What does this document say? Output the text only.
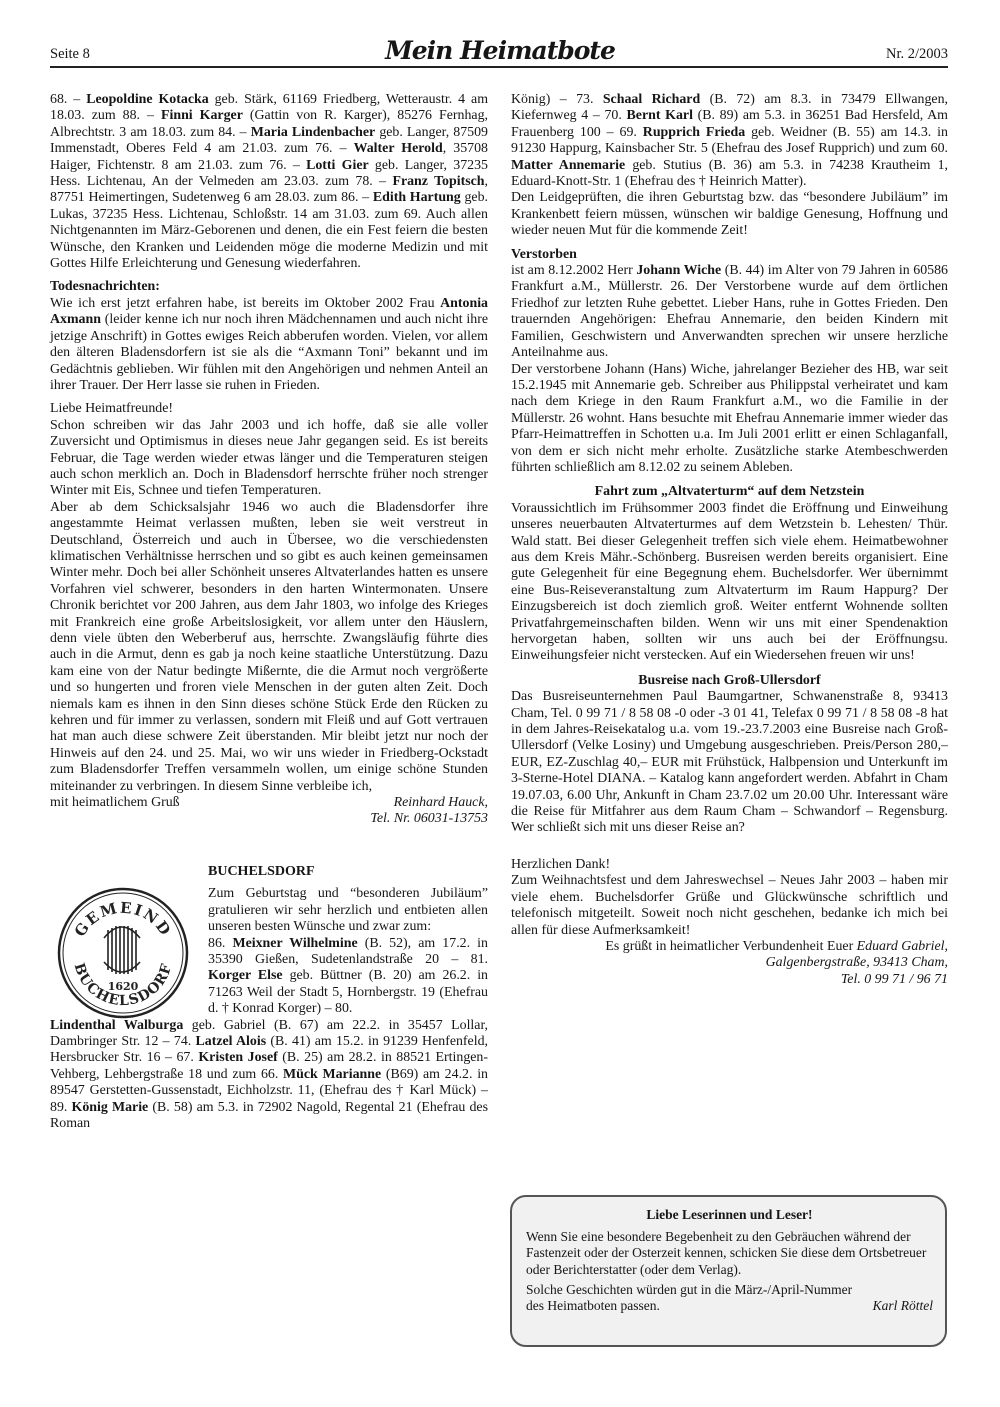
Seite 8	Mein Heimatbote	Nr. 2/2003

68. – Leopoldine Kotacka geb. Stärk, 61169 Friedberg, Wetteraustr. 4 am 18.03. zum 88. – Finni Karger (Gattin von R. Karger), 85276 Fernhag, Albrechtstr. 3 am 18.03. zum 84. – Maria Lindenbacher geb. Langer, 87509 Immenstadt, Oberes Feld 4 am 21.03. zum 76. – Walter Herold, 35708 Haiger, Fichtenstr. 8 am 21.03. zum 76. – Lotti Gier geb. Langer, 37235 Hess. Lichtenau, An der Velmeden am 23.03. zum 78. – Franz Topitsch, 87751 Heimertingen, Sudetenweg 6 am 28.03. zum 86. – Edith Hartung geb. Lukas, 37235 Hess. Lichtenau, Schloßstr. 14 am 31.03. zum 69. Auch allen Nichtgenannten im März-Geborenen und denen, die ein Fest feiern die besten Wünsche, den Kranken und Leidenden möge die moderne Medizin und mit Gottes Hilfe Erleichterung und Genesung wiederfahren.

Todesnachrichten:

Wie ich erst jetzt erfahren habe, ist bereits im Oktober 2002 Frau Antonia Axmann (leider kenne ich nur noch ihren Mädchennamen und auch nicht ihre jetzige Anschrift) in Gottes ewiges Reich abberufen worden. Vielen, vor allem den älteren Bladensdorfern ist sie als die “Axmann Toni” bekannt und im Gedächtnis geblieben. Wir fühlen mit den Angehörigen und nehmen Anteil an ihrer Trauer. Der Herr lasse sie ruhen in Frieden.

Liebe Heimatfreunde!

Schon schreiben wir das Jahr 2003 und ich hoffe, daß sie alle voller Zuversicht und Optimismus in dieses neue Jahr gegangen seid. Es ist bereits Februar, die Tage werden wieder etwas länger und die Temperaturen steigen auch schon merklich an. Doch in Bladensdorf herrschte früher noch strenger Winter mit Eis, Schnee und tiefen Temperaturen.

Aber ab dem Schicksalsjahr 1946 wo auch die Bladensdorfer ihre angestammte Heimat verlassen mußten, leben sie weit verstreut in Deutschland, Österreich und auch in Übersee, wo die verschiedensten klimatischen Verhältnisse herrschen und so gibt es auch keinen gemeinsamen Winter mehr. Doch bei aller Schönheit unseres Altvaterlandes hatten es unsere Vorfahren viel schwerer, besonders in den harten Wintermonaten. Unsere Chronik berichtet vor 200 Jahren, aus dem Jahr 1803, wo infolge des Krieges mit Frankreich eine große Arbeitslosigkeit, vor allem unter den Häuslern, denn viele übten den Weberberuf aus, herrschte. Zwangsläufig führte dies auch in die Armut, denn es gab ja noch keine staatliche Unterstützung. Dazu kam eine von der Natur bedingte Mißernte, die die Armut noch vergrößerte und so hungerten und froren viele Menschen in der guten alten Zeit. Doch niemals kam es ihnen in den Sinn dieses schöne Stück Erde den Rücken zu kehren und für immer zu verlassen, sondern mit Fleiß und auf Gott vertrauen hat man auch diese schwere Zeit überstanden. Mir bleibt jetzt nur noch der Hinweis auf den 24. und 25. Mai, wo wir uns wieder in Friedberg-Ockstadt zum Bladensdorfer Treffen versammeln wollen, um einige schöne Stunden miteinander zu verbringen. In diesem Sinne verbleibe ich,

mit heimatlichem Gruß	Reinhard Hauck,

Tel. Nr. 06031-13753

GEMEIND
BUCHELSDORF
1620

BUCHELSDORF

Zum Geburtstag und “besonderen Jubiläum” gratulieren wir sehr herzlich und entbieten allen unseren besten Wünsche und zwar zum:

86. Meixner Wilhelmine (B. 52), am 17.2. in 35390 Gießen, Sudetenlandstraße 20 – 81. Korger Else geb. Büttner (B. 20) am 26.2. in 71263 Weil der Stadt 5, Hornbergstr. 19 (Ehefrau d. † Konrad Korger) – 80.

Lindenthal Walburga geb. Gabriel (B. 67) am 22.2. in 35457 Lollar, Dambringer Str. 12 – 74. Latzel Alois (B. 41) am 15.2. in 91239 Henfenfeld, Hersbrucker Str. 16 – 67. Kristen Josef (B. 25) am 28.2. in 88521 Ertingen- Vehberg, Lehbergstraße 18 und zum 66. Mück Marianne (B69) am 24.2. in 89547 Gerstetten-Gussenstadt, Eichholzstr. 11, (Ehefrau des † Karl Mück) – 89. König Marie (B. 58) am 5.3. in 72902 Nagold, Regental 21 (Ehefrau des Roman

König) – 73. Schaal Richard (B. 72) am 8.3. in 73479 Ellwangen, Kiefernweg 4 – 70. Bernt Karl (B. 89) am 5.3. in 36251 Bad Hersfeld, Am Frauenberg 100 – 69. Rupprich Frieda geb. Weidner (B. 55) am 14.3. in 91230 Happurg, Kainsbacher Str. 5 (Ehefrau des Josef Rupprich) und zum 60. Matter Annemarie geb. Stutius (B. 36) am 5.3. in 74238 Krautheim 1, Eduard-Knott-Str. 1 (Ehefrau des † Heinrich Matter).

Den Leidgeprüften, die ihren Geburtstag bzw. das “besondere Jubiläum” im Krankenbett feiern müssen, wünschen wir baldige Genesung, Hoffnung und wieder neuen Mut für die kommende Zeit!

Verstorben

ist am 8.12.2002 Herr Johann Wiche (B. 44) im Alter von 79 Jahren in 60586 Frankfurt a.M., Müllerstr. 26. Der Verstorbene wurde auf dem örtlichen Friedhof zur letzten Ruhe gebettet. Lieber Hans, ruhe in Gottes Frieden. Den trauernden Angehörigen: Ehefrau Annemarie, den beiden Kindern mit Familien, Geschwistern und Anverwandten sprechen wir unsere herzliche Anteilnahme aus.

Der verstorbene Johann (Hans) Wiche, jahrelanger Bezieher des HB, war seit 15.2.1945 mit Annemarie geb. Schreiber aus Philippstal verheiratet und kam nach dem Kriege in den Raum Frankfurt a.M., wo die Familie in der Müllerstr. 26 wohnt. Hans besuchte mit Ehefrau Annemarie immer wieder das Pfarr-Heimattreffen in Schotten u.a. Im Juli 2001 erlitt er einen Schlaganfall, von dem er sich nicht mehr erholte. Zusätzliche starke Atembeschwerden führten schließlich am 8.12.02 zu seinem Ableben.

Fahrt zum „Altvaterturm“ auf dem Netzstein

Voraussichtlich im Frühsommer 2003 findet die Eröffnung und Einweihung unseres neuerbauten Altvaterturmes auf dem Wetzstein b. Lehesten/ Thür. Wald statt. Bei dieser Gelegenheit treffen sich viele ehem. Heimatbewohner aus dem Kreis Mähr.-Schönberg. Busreisen werden bereits organisiert. Eine gute Gelegenheit für eine Begegnung ehem. Buchelsdorfer. Wer übernimmt eine Bus-Reiseveranstaltung zum Altvaterturm im Raum Happurg? Der Einzugsbereich ist doch ziemlich groß. Weiter entfernt Wohnende sollten Privatfahrgemeinschaften bilden. Wenn wir uns mit einer Spendenaktion hervorgetan haben, sollten wir uns auch bei der Eröffnungsu. Einweihungsfeier nicht verstecken. Auf ein Wiedersehen freuen wir uns!

Busreise nach Groß-Ullersdorf

Das Busreiseunternehmen Paul Baumgartner, Schwanenstraße 8, 93413 Cham, Tel. 0 99 71 / 8 58 08 -0 oder -3 01 41, Telefax 0 99 71 / 8 58 08 -8 hat in dem Jahres-Reisekatalog u.a. vom 19.-23.7.2003 eine Busreise nach Groß-Ullersdorf (Velke Losiny) und Umgebung ausgeschrieben. Preis/Person 280,– EUR, EZ-Zuschlag 40,– EUR mit Frühstück, Halbpension und Unterkunft im 3-Sterne-Hotel DIANA. – Katalog kann angefordert werden. Abfahrt in Cham 19.07.03, 6.00 Uhr, Ankunft in Cham 23.7.02 um 20.00 Uhr. Interessant wäre die Reise für Mitfahrer aus dem Raum Cham – Schwandorf – Regensburg. Wer schließt sich mit uns dieser Reise an?

Herzlichen Dank!

Zum Weihnachtsfest und dem Jahreswechsel – Neues Jahr 2003 – haben mir viele ehem. Buchelsdorfer Grüße und Glückwünsche schriftlich und telefonisch mitgeteilt. Soweit noch nicht geschehen, bedanke ich mich bei allen für diese Aufmerksamkeit!

Es grüßt in heimatlicher Verbundenheit Euer Eduard Gabriel,

Galgenbergstraße, 93413 Cham,

Tel. 0 99 71 / 96 71

Liebe Leserinnen und Leser!

Wenn Sie eine besondere Begebenheit zu den Gebräuchen während der Fastenzeit oder der Osterzeit kennen, schicken Sie diese dem Ortsbetreuer oder Berichterstatter (oder dem Verlag).

Solche Geschichten würden gut in die März-/April-Nummer

des Heimatboten passen.	Karl Röttel
